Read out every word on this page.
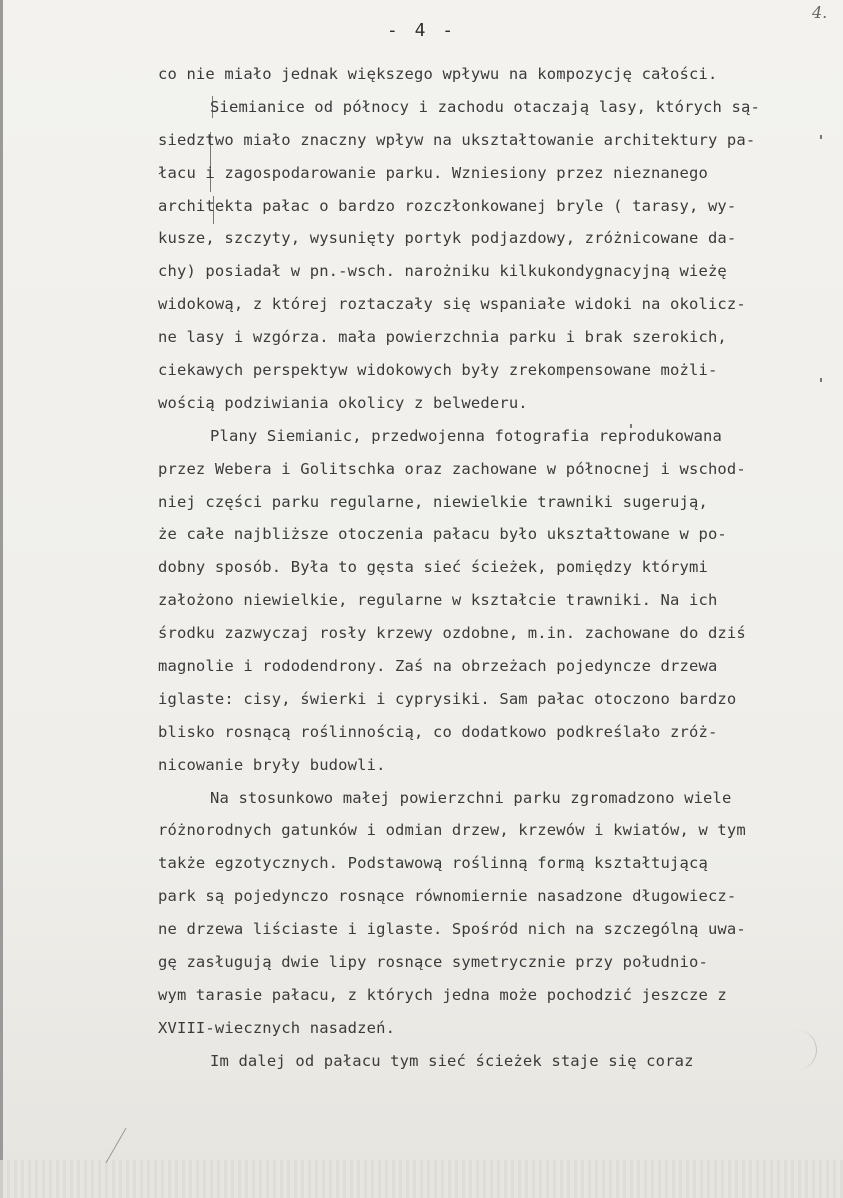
- 4 -
4.
co nie miało jednak większego wpływu na kompozycję całości.
Siemianice od północy i zachodu otaczają lasy, których są-
siedztwo miało znaczny wpływ na ukształtowanie architektury pa-
łacu i zagospodarowanie parku. Wzniesiony przez nieznanego
architekta pałac o bardzo rozczłonkowanej bryle ( tarasy, wy-
kusze, szczyty, wysunięty portyk podjazdowy, zróżnicowane da-
chy) posiadał w pn.-wsch. narożniku kilkukondygnacyjną wieżę
widokową, z której roztaczały się wspaniałe widoki na okolicz-
ne lasy i wzgórza. mała powierzchnia parku i brak szerokich,
ciekawych perspektyw widokowych były zrekompensowane możli-
wością podziwiania okolicy z belwederu.
Plany Siemianic, przedwojenna fotografia reprodukowana
przez Webera i Golitschka oraz zachowane w północnej i wschod-
niej części parku regularne, niewielkie trawniki sugerują,
że całe najbliższe otoczenia pałacu było ukształtowane w po-
dobny sposób. Była to gęsta sieć ścieżek, pomiędzy którymi
założono niewielkie, regularne w kształcie trawniki. Na ich
środku zazwyczaj rosły krzewy ozdobne, m.in. zachowane do dziś
magnolie i rododendrony. Zaś na obrzeżach pojedyncze drzewa
iglaste: cisy, świerki i cyprysiki. Sam pałac otoczono bardzo
blisko rosnącą roślinnością, co dodatkowo podkreślało zróż-
nicowanie bryły budowli.
Na stosunkowo małej powierzchni parku zgromadzono wiele
różnorodnych gatunków i odmian drzew, krzewów i kwiatów, w tym
także egzotycznych. Podstawową roślinną formą kształtującą
park są pojedynczo rosnące równomiernie nasadzone długowiecz-
ne drzewa liściaste i iglaste. Spośród nich na szczególną uwa-
gę zasługują dwie lipy rosnące symetrycznie przy południo-
wym tarasie pałacu, z których jedna może pochodzić jeszcze z
XVIII-wiecznych nasadzeń.
Im dalej od pałacu tym sieć ścieżek staje się coraz
